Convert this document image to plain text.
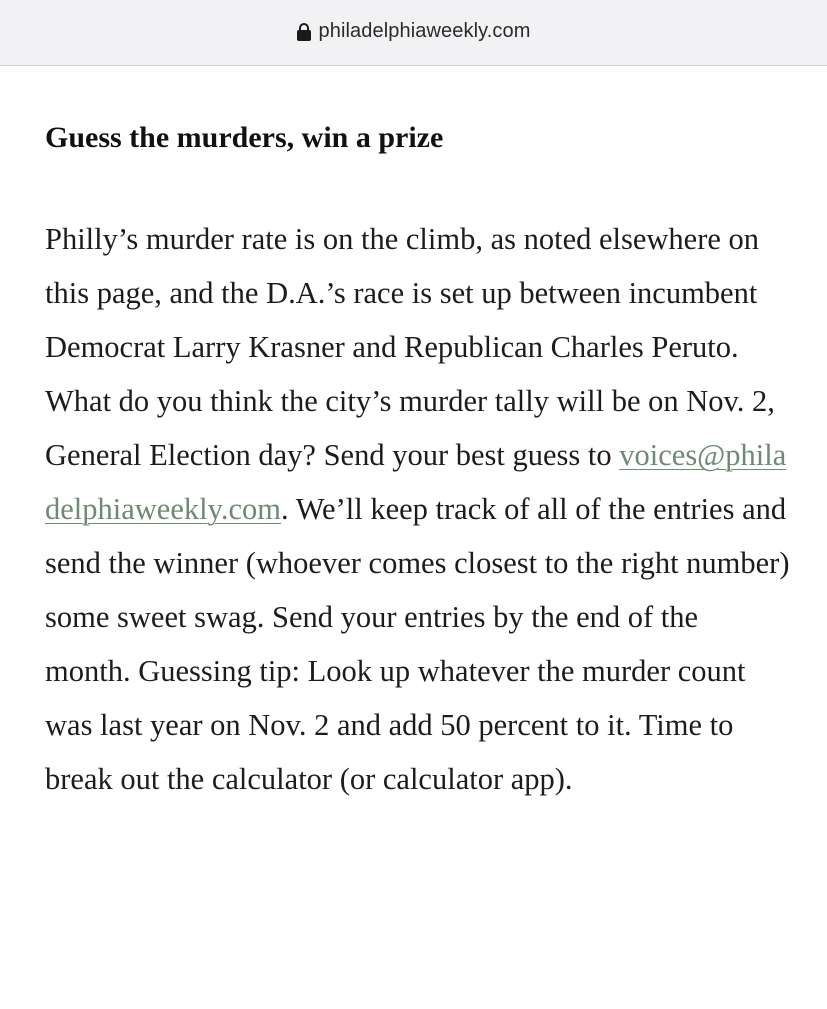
philadelphiaweekly.com
Guess the murders, win a prize

Philly’s murder rate is on the climb, as noted elsewhere on this page, and the D.A.’s race is set up between incumbent Democrat Larry Krasner and Republican Charles Peruto. What do you think the city’s murder tally will be on Nov. 2, General Election day? Send your best guess to voices@philadelphiaweekly.com. We’ll keep track of all of the entries and send the winner (whoever comes closest to the right number) some sweet swag. Send your entries by the end of the month. Guessing tip: Look up whatever the murder count was last year on Nov. 2 and add 50 percent to it. Time to break out the calculator (or calculator app).
